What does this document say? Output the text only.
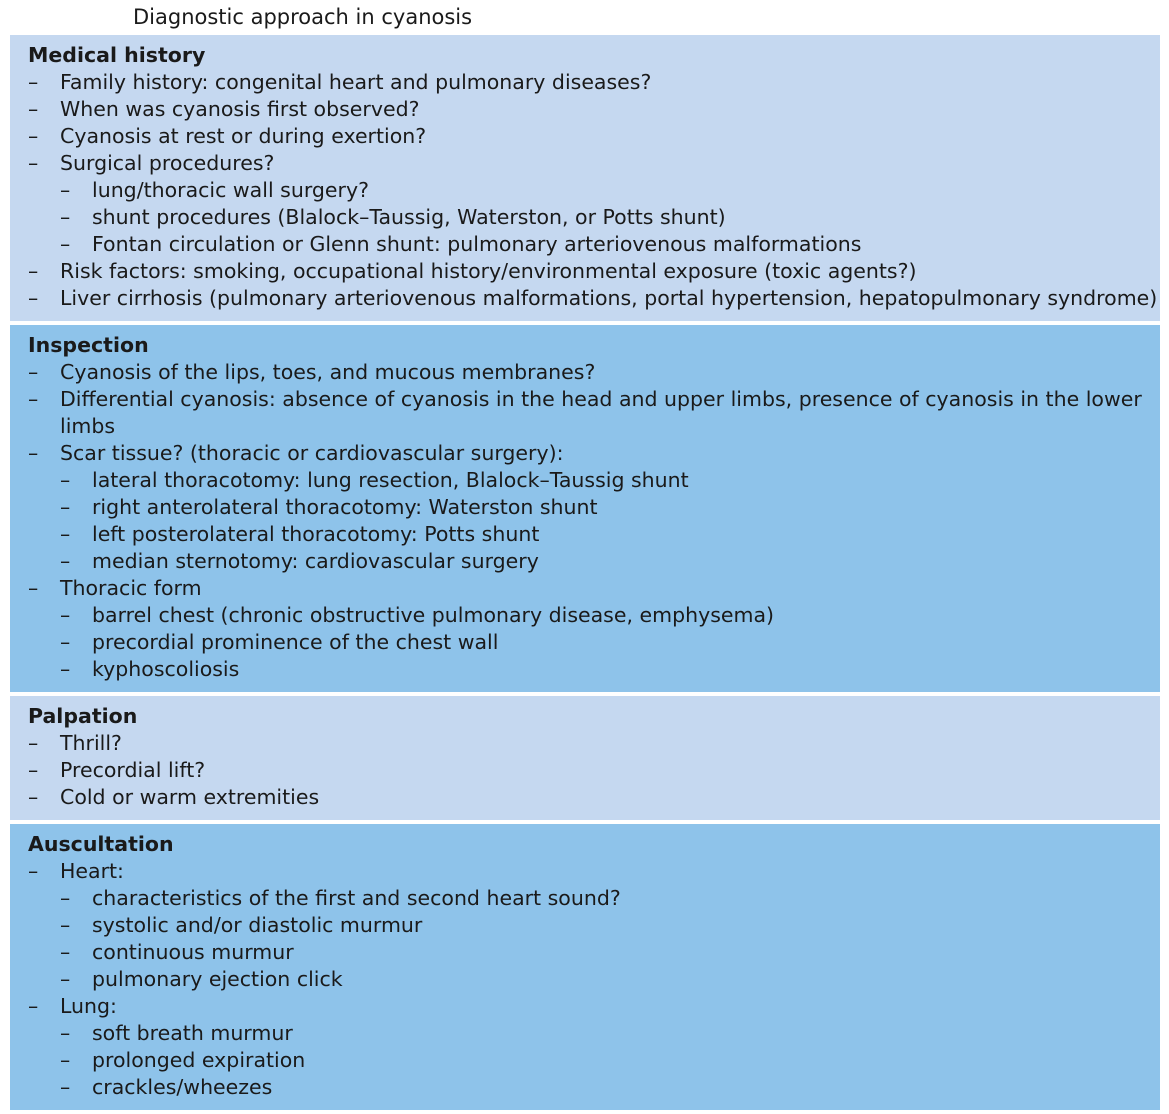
Diagnostic approach in cyanosis
Medical history
– Family history: congenital heart and pulmonary diseases?
– When was cyanosis first observed?
– Cyanosis at rest or during exertion?
– Surgical procedures?
– lung/thoracic wall surgery?
– shunt procedures (Blalock–Taussig, Waterston, or Potts shunt)
– Fontan circulation or Glenn shunt: pulmonary arteriovenous malformations
– Risk factors: smoking, occupational history/environmental exposure (toxic agents?)
– Liver cirrhosis (pulmonary arteriovenous malformations, portal hypertension, hepatopulmonary syndrome)
Inspection
– Cyanosis of the lips, toes, and mucous membranes?
– Differential cyanosis: absence of cyanosis in the head and upper limbs, presence of cyanosis in the lower limbs
– Scar tissue? (thoracic or cardiovascular surgery):
– lateral thoracotomy: lung resection, Blalock–Taussig shunt
– right anterolateral thoracotomy: Waterston shunt
– left posterolateral thoracotomy: Potts shunt
– median sternotomy: cardiovascular surgery
– Thoracic form
– barrel chest (chronic obstructive pulmonary disease, emphysema)
– precordial prominence of the chest wall
– kyphoscoliosis
Palpation
– Thrill?
– Precordial lift?
– Cold or warm extremities
Auscultation
– Heart:
– characteristics of the first and second heart sound?
– systolic and/or diastolic murmur
– continuous murmur
– pulmonary ejection click
– Lung:
– soft breath murmur
– prolonged expiration
– crackles/wheezes
